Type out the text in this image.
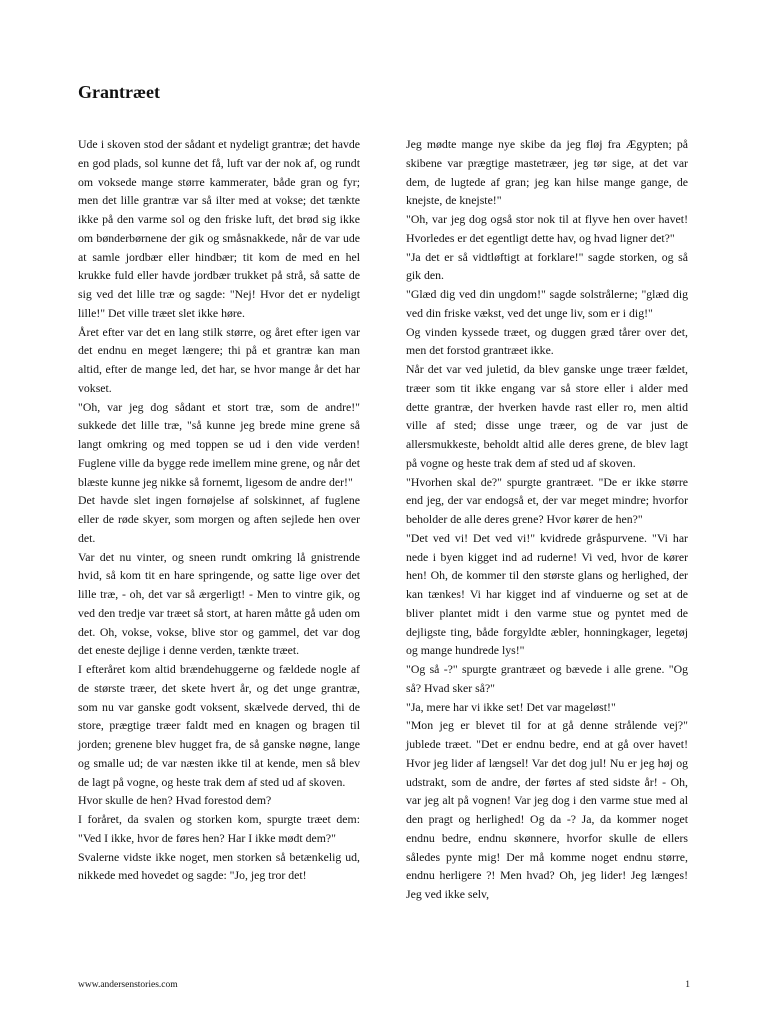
Grantræet

Ude i skoven stod der sådant et nydeligt grantræ; det havde en god plads, sol kunne det få, luft var der nok af, og rundt om voksede mange større kammerater, både gran og fyr; men det lille grantræ var så ilter med at vokse; det tænkte ikke på den varme sol og den friske luft, det brød sig ikke om bønderbørnene der gik og småsnakkede, når de var ude at samle jordbær eller hindbær; tit kom de med en hel krukke fuld eller havde jordbær trukket på strå, så satte de sig ved det lille træ og sagde: "Nej! Hvor det er nydeligt lille!" Det ville træet slet ikke høre.

Året efter var det en lang stilk større, og året efter igen var det endnu en meget længere; thi på et grantræ kan man altid, efter de mange led, det har, se hvor mange år det har vokset.

"Oh, var jeg dog sådant et stort træ, som de andre!" sukkede det lille træ, "så kunne jeg brede mine grene så langt omkring og med toppen se ud i den vide verden! Fuglene ville da bygge rede imellem mine grene, og når det blæste kunne jeg nikke så fornemt, ligesom de andre der!"

Det havde slet ingen fornøjelse af solskinnet, af fuglene eller de røde skyer, som morgen og aften sejlede hen over det.

Var det nu vinter, og sneen rundt omkring lå gnistrende hvid, så kom tit en hare springende, og satte lige over det lille træ, - oh, det var så ærgerligt! - Men to vintre gik, og ved den tredje var træet så stort, at haren måtte gå uden om det. Oh, vokse, vokse, blive stor og gammel, det var dog det eneste dejlige i denne verden, tænkte træet.

I efteråret kom altid brændehuggerne og fældede nogle af de største træer, det skete hvert år, og det unge grantræ, som nu var ganske godt voksent, skælvede derved, thi de store, prægtige træer faldt med en knagen og bragen til jorden; grenene blev hugget fra, de så ganske nøgne, lange og smalle ud; de var næsten ikke til at kende, men så blev de lagt på vogne, og heste trak dem af sted ud af skoven.

Hvor skulle de hen? Hvad forestod dem?

I foråret, da svalen og storken kom, spurgte træet dem: "Ved I ikke, hvor de føres hen? Har I ikke mødt dem?"

Svalerne vidste ikke noget, men storken så betænkelig ud, nikkede med hovedet og sagde: "Jo, jeg tror det!

Jeg mødte mange nye skibe da jeg fløj fra Ægypten; på skibene var prægtige mastetræer, jeg tør sige, at det var dem, de lugtede af gran; jeg kan hilse mange gange, de knejste, de knejste!"

"Oh, var jeg dog også stor nok til at flyve hen over havet! Hvorledes er det egentligt dette hav, og hvad ligner det?"

"Ja det er så vidtløftigt at forklare!" sagde storken, og så gik den.

"Glæd dig ved din ungdom!" sagde solstrålerne; "glæd dig ved din friske vækst, ved det unge liv, som er i dig!"

Og vinden kyssede træet, og duggen græd tårer over det, men det forstod grantræet ikke.

Når det var ved juletid, da blev ganske unge træer fældet, træer som tit ikke engang var så store eller i alder med dette grantræ, der hverken havde rast eller ro, men altid ville af sted; disse unge træer, og de var just de allersmukkeste, beholdt altid alle deres grene, de blev lagt på vogne og heste trak dem af sted ud af skoven.

"Hvorhen skal de?" spurgte grantræet. "De er ikke større end jeg, der var endogså et, der var meget mindre; hvorfor beholder de alle deres grene? Hvor kører de hen?"

"Det ved vi! Det ved vi!" kvidrede gråspurvene. "Vi har nede i byen kigget ind ad ruderne! Vi ved, hvor de kører hen! Oh, de kommer til den største glans og herlighed, der kan tænkes! Vi har kigget ind af vinduerne og set at de bliver plantet midt i den varme stue og pyntet med de dejligste ting, både forgyldte æbler, honningkager, legetøj og mange hundrede lys!"

"Og så -?" spurgte grantræet og bævede i alle grene. "Og så? Hvad sker så?"

"Ja, mere har vi ikke set! Det var mageløst!"

"Mon jeg er blevet til for at gå denne strålende vej?" jublede træet. "Det er endnu bedre, end at gå over havet! Hvor jeg lider af længsel! Var det dog jul! Nu er jeg høj og udstrakt, som de andre, der førtes af sted sidste år! - Oh, var jeg alt på vognen! Var jeg dog i den varme stue med al den pragt og herlighed! Og da -? Ja, da kommer noget endnu bedre, endnu skønnere, hvorfor skulle de ellers således pynte mig! Der må komme noget endnu større, endnu herligere ?! Men hvad? Oh, jeg lider! Jeg længes! Jeg ved ikke selv,

www.andersenstories.com	1
